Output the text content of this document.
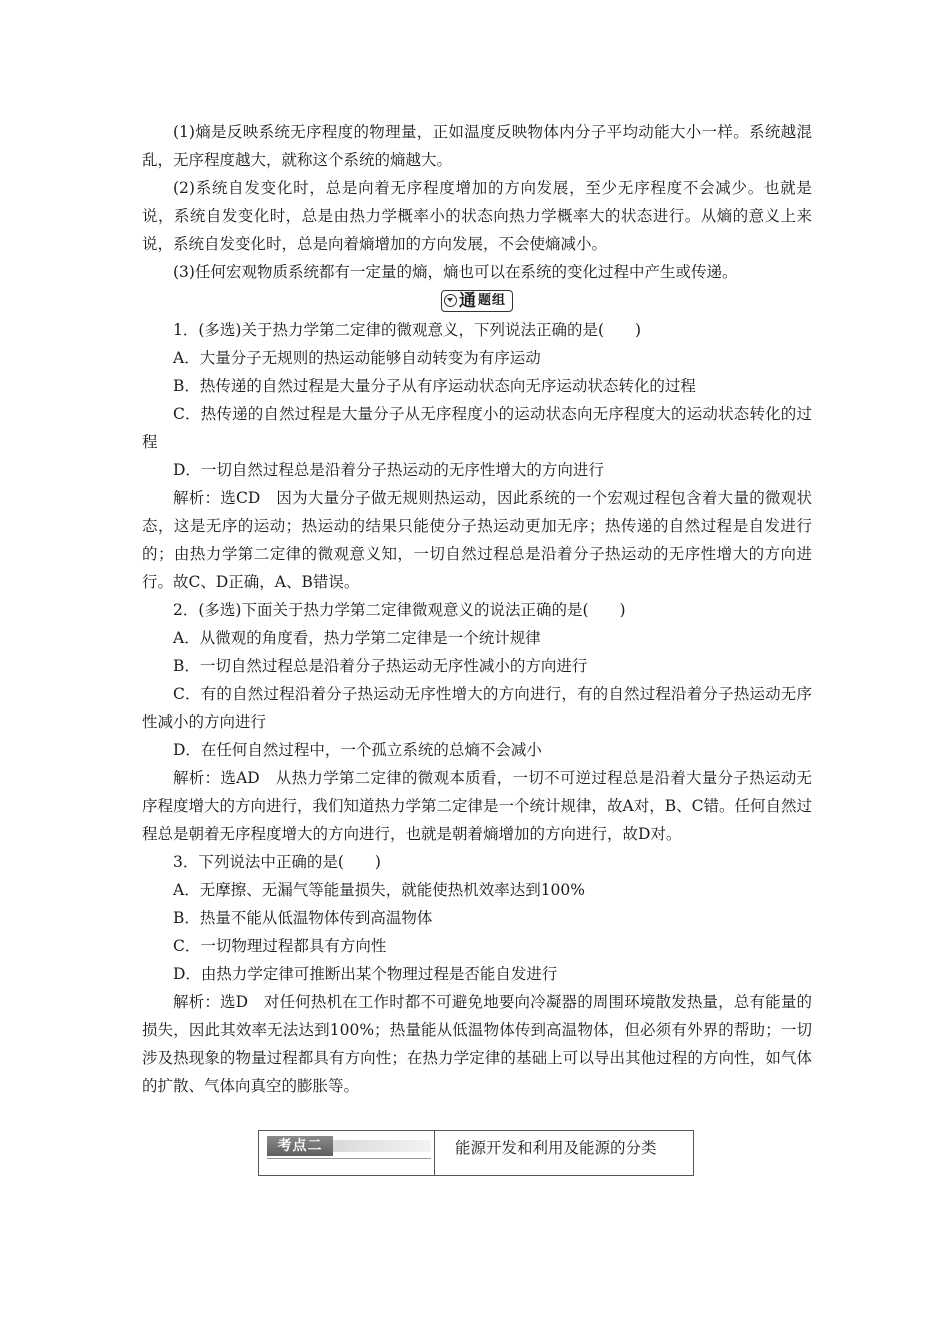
(1)熵是反映系统无序程度的物理量，正如温度反映物体内分子平均动能大小一样。系统越混乱，无序程度越大，就称这个系统的熵越大。

(2)系统自发变化时，总是向着无序程度增加的方向发展，至少无序程度不会减少。也就是说，系统自发变化时，总是由热力学概率小的状态向热力学概率大的状态进行。从熵的意义上来说，系统自发变化时，总是向着熵增加的方向发展，不会使熵减小。

(3)任何宏观物质系统都有一定量的熵，熵也可以在系统的变化过程中产生或传递。

通 题组

1．(多选)关于热力学第二定律的微观意义，下列说法正确的是(　　)

A．大量分子无规则的热运动能够自动转变为有序运动

B．热传递的自然过程是大量分子从有序运动状态向无序运动状态转化的过程

C．热传递的自然过程是大量分子从无序程度小的运动状态向无序程度大的运动状态转化的过程

D．一切自然过程总是沿着分子热运动的无序性增大的方向进行

解析：选CD　因为大量分子做无规则热运动，因此系统的一个宏观过程包含着大量的微观状态，这是无序的运动；热运动的结果只能使分子热运动更加无序；热传递的自然过程是自发进行的；由热力学第二定律的微观意义知，一切自然过程总是沿着分子热运动的无序性增大的方向进行。故C、D正确，A、B错误。

2．(多选)下面关于热力学第二定律微观意义的说法正确的是(　　)

A．从微观的角度看，热力学第二定律是一个统计规律

B．一切自然过程总是沿着分子热运动无序性减小的方向进行

C．有的自然过程沿着分子热运动无序性增大的方向进行，有的自然过程沿着分子热运动无序性减小的方向进行

D．在任何自然过程中，一个孤立系统的总熵不会减小

解析：选AD　从热力学第二定律的微观本质看，一切不可逆过程总是沿着大量分子热运动无序程度增大的方向进行，我们知道热力学第二定律是一个统计规律，故A对，B、C错。任何自然过程总是朝着无序程度增大的方向进行，也就是朝着熵增加的方向进行，故D对。

3．下列说法中正确的是(　　)

A．无摩擦、无漏气等能量损失，就能使热机效率达到100%

B．热量不能从低温物体传到高温物体

C．一切物理过程都具有方向性

D．由热力学定律可推断出某个物理过程是否能自发进行

解析：选D　对任何热机在工作时都不可避免地要向冷凝器的周围环境散发热量，总有能量的损失，因此其效率无法达到100%；热量能从低温物体传到高温物体，但必须有外界的帮助；一切涉及热现象的物量过程都具有方向性；在热力学定律的基础上可以导出其他过程的方向性，如气体的扩散、气体向真空的膨胀等。

考点二	能源开发和利用及能源的分类
